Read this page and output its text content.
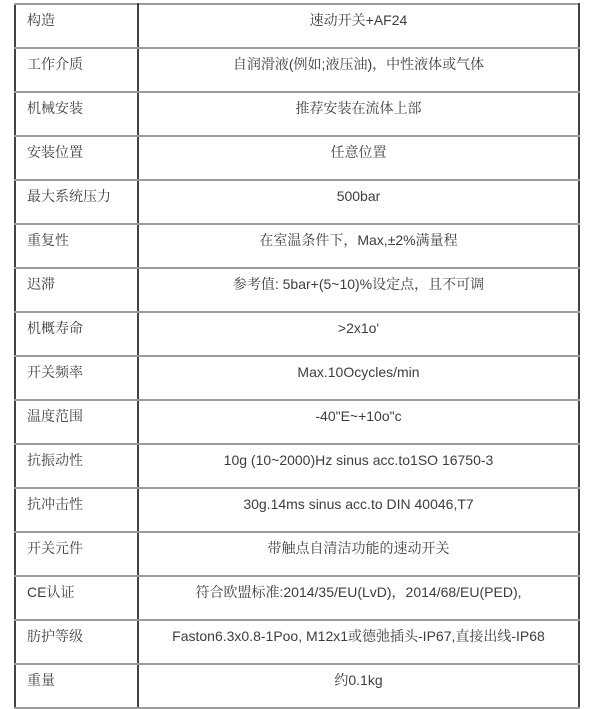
构造	速动开关+AF24
工作介质	自润滑液(例如;液压油)，中性液体或气体
机械安装	推荐安装在流体上部
安装位置	任意位置
最大系统压力	500bar
重复性	在室温条件下，Max,±2%满量程
迟滞	参考值: 5bar+(5~10)%设定点，且不可调
机概寿命	>2x1o'
开关频率	Max.10Ocycles/min
温度范围	-40"E~+10o"c
抗振动性	10g (10~2000)Hz sinus acc.to1SO 16750-3
抗冲击性	30g.14ms sinus acc.to DIN 40046,T7
开关元件	带触点自清洁功能的速动开关
CE认证	符合欧盟标准:2014/35/EU(LvD)，2014/68/EU(PED),
肪护等级	Faston6.3x0.8-1Poo, M12x1或德弛插头-IP67,直接出线-IP68
重量	约0.1kg
